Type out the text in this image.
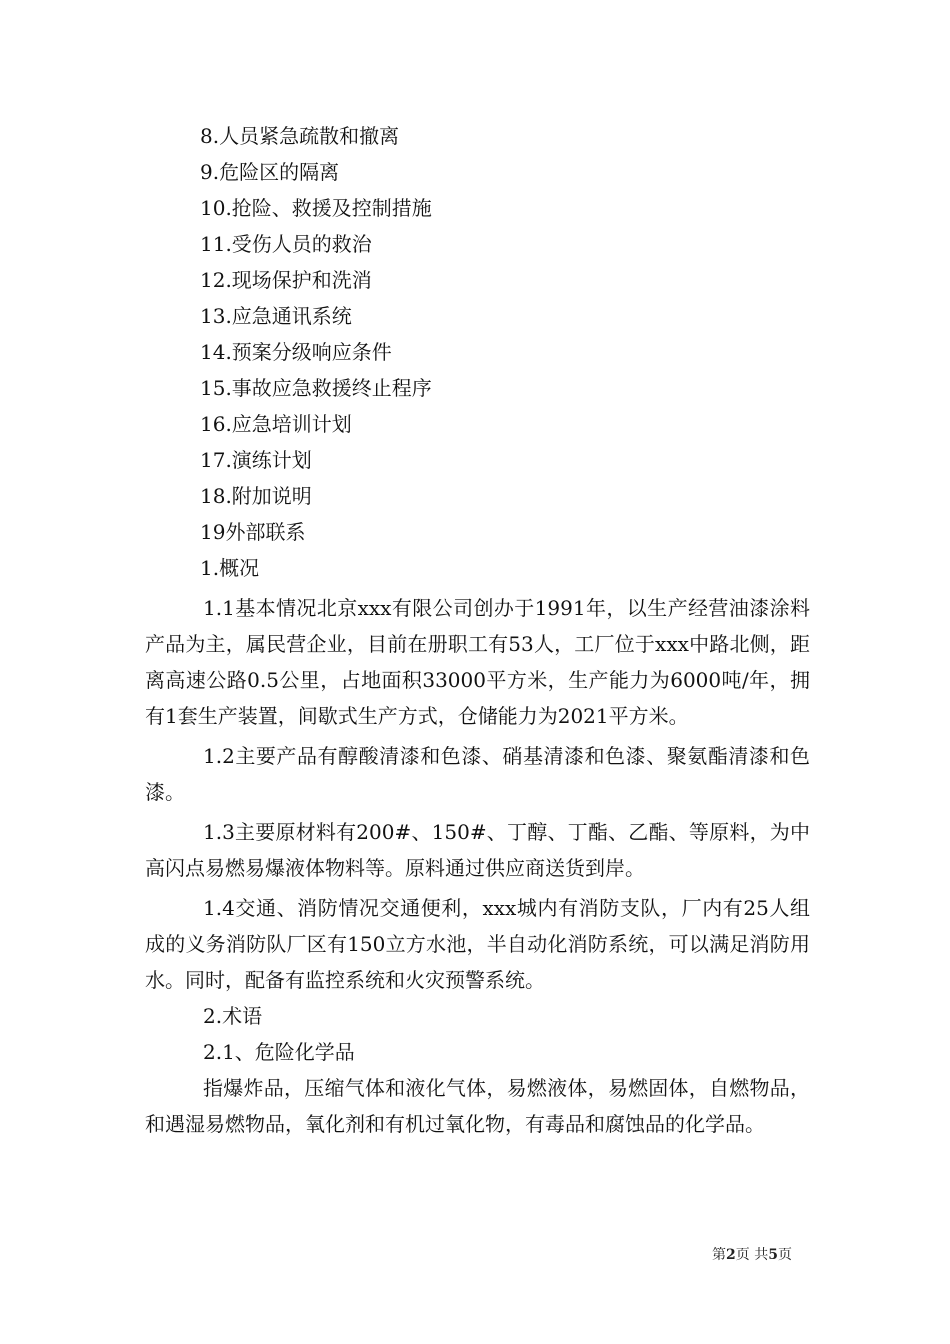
8.人员紧急疏散和撤离
9.危险区的隔离
10.抢险、救援及控制措施
11.受伤人员的救治
12.现场保护和洗消
13.应急通讯系统
14.预案分级响应条件
15.事故应急救援终止程序
16.应急培训计划
17.演练计划
18.附加说明
19外部联系
1.概况

1.1基本情况北京xxx有限公司创办于1991年，以生产经营油漆涂料产品为主，属民营企业，目前在册职工有53人，工厂位于xxx中路北侧，距离高速公路0.5公里，占地面积33000平方米，生产能力为6000吨/年，拥有1套生产装置，间歇式生产方式，仓储能力为2021平方米。

1.2主要产品有醇酸清漆和色漆、硝基清漆和色漆、聚氨酯清漆和色漆。

1.3主要原材料有200#、150#、丁醇、丁酯、乙酯、等原料，为中高闪点易燃易爆液体物料等。原料通过供应商送货到岸。

1.4交通、消防情况交通便利，xxx城内有消防支队，厂内有25人组成的义务消防队厂区有150立方水池，半自动化消防系统，可以满足消防用水。同时，配备有监控系统和火灾预警系统。

2.术语

2.1、危险化学品

指爆炸品，压缩气体和液化气体，易燃液体，易燃固体，自燃物品，和遇湿易燃物品，氧化剂和有机过氧化物，有毒品和腐蚀品的化学品。

第2页 共5页
